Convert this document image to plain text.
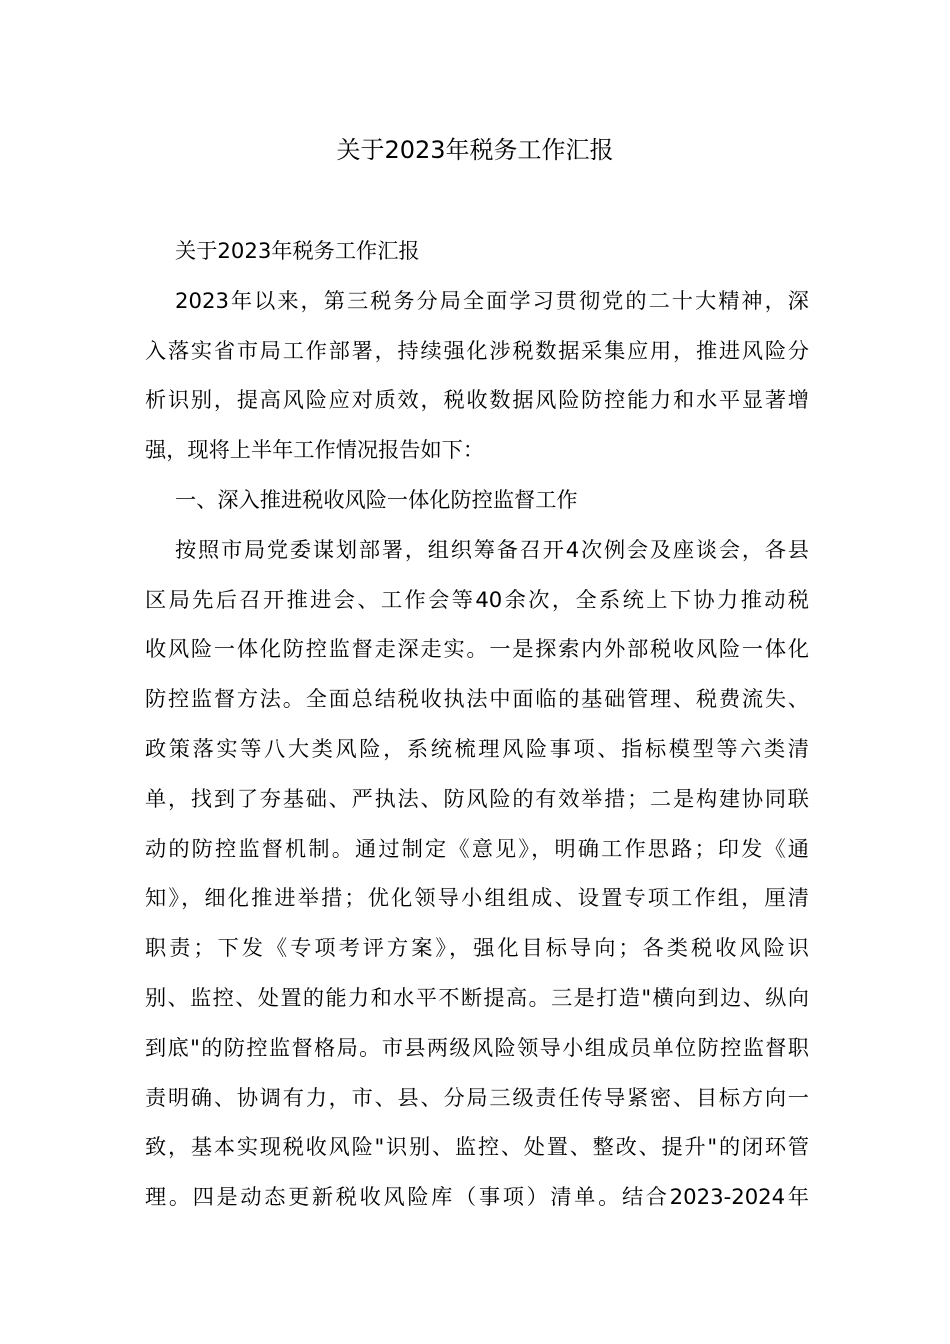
关于2023年税务工作汇报
关于2023年税务工作汇报
2023年以来，第三税务分局全面学习贯彻党的二十大精神，深
入落实省市局工作部署，持续强化涉税数据采集应用，推进风险分
析识别，提高风险应对质效，税收数据风险防控能力和水平显著增
强，现将上半年工作情况报告如下：
一、深入推进税收风险一体化防控监督工作
按照市局党委谋划部署，组织筹备召开4次例会及座谈会，各县
区局先后召开推进会、工作会等40余次，全系统上下协力推动税
收风险一体化防控监督走深走实。一是探索内外部税收风险一体化
防控监督方法。全面总结税收执法中面临的基础管理、税费流失、
政策落实等八大类风险，系统梳理风险事项、指标模型等六类清
单，找到了夯基础、严执法、防风险的有效举措；二是构建协同联
动的防控监督机制。通过制定《意见》，明确工作思路；印发《通
知》，细化推进举措；优化领导小组组成、设置专项工作组，厘清
职责；下发《专项考评方案》，强化目标导向；各类税收风险识
别、监控、处置的能力和水平不断提高。三是打造"横向到边、纵向
到底"的防控监督格局。市县两级风险领导小组成员单位防控监督职
责明确、协调有力，市、县、分局三级责任传导紧密、目标方向一
致，基本实现税收风险"识别、监控、处置、整改、提升"的闭环管
理。四是动态更新税收风险库（事项）清单。结合2023-2024年
